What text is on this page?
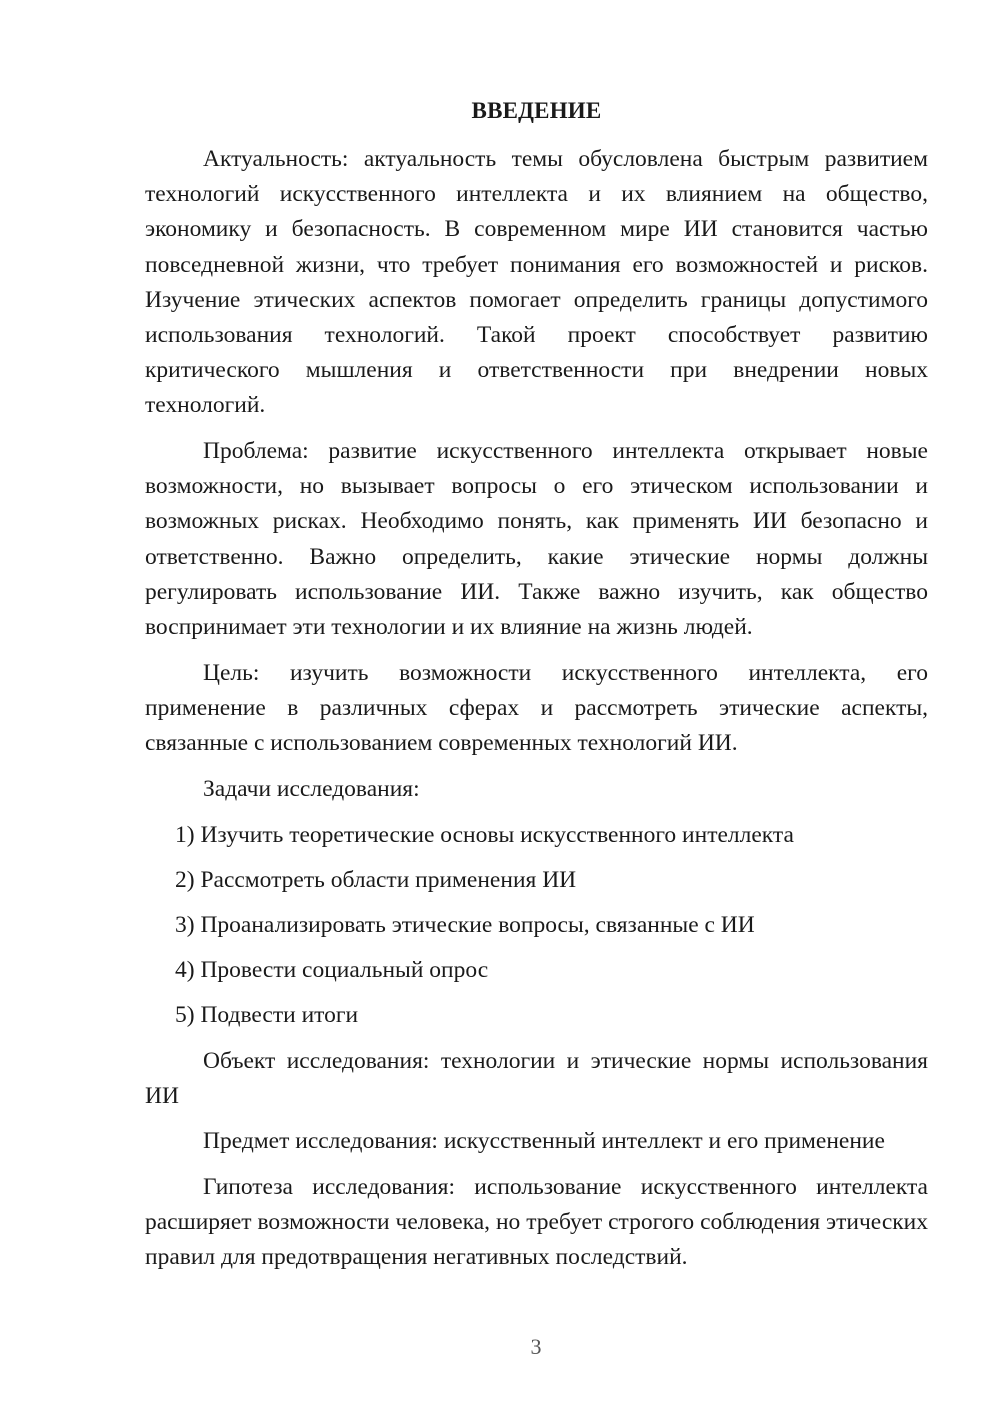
ВВЕДЕНИЕ

Актуальность: актуальность темы обусловлена быстрым развитием технологий искусственного интеллекта и их влиянием на общество, экономику и безопасность. В современном мире ИИ становится частью повседневной жизни, что требует понимания его возможностей и рисков. Изучение этических аспектов помогает определить границы допустимого использования технологий. Такой проект способствует развитию критического мышления и ответственности при внедрении новых технологий.

Проблема: развитие искусственного интеллекта открывает новые возможности, но вызывает вопросы о его этическом использовании и возможных рисках. Необходимо понять, как применять ИИ безопасно и ответственно. Важно определить, какие этические нормы должны регулировать использование ИИ. Также важно изучить, как общество воспринимает эти технологии и их влияние на жизнь людей.

Цель: изучить возможности искусственного интеллекта, его применение в различных сферах и рассмотреть этические аспекты, связанные с использованием современных технологий ИИ.

Задачи исследования:
1) Изучить теоретические основы искусственного интеллекта
2) Рассмотреть области применения ИИ
3) Проанализировать этические вопросы, связанные с ИИ
4) Провести социальный опрос
5) Подвести итоги

Объект исследования: технологии и этические нормы использования ИИ

Предмет исследования: искусственный интеллект и его применение

Гипотеза исследования: использование искусственного интеллекта расширяет возможности человека, но требует строгого соблюдения этических правил для предотвращения негативных последствий.

3
